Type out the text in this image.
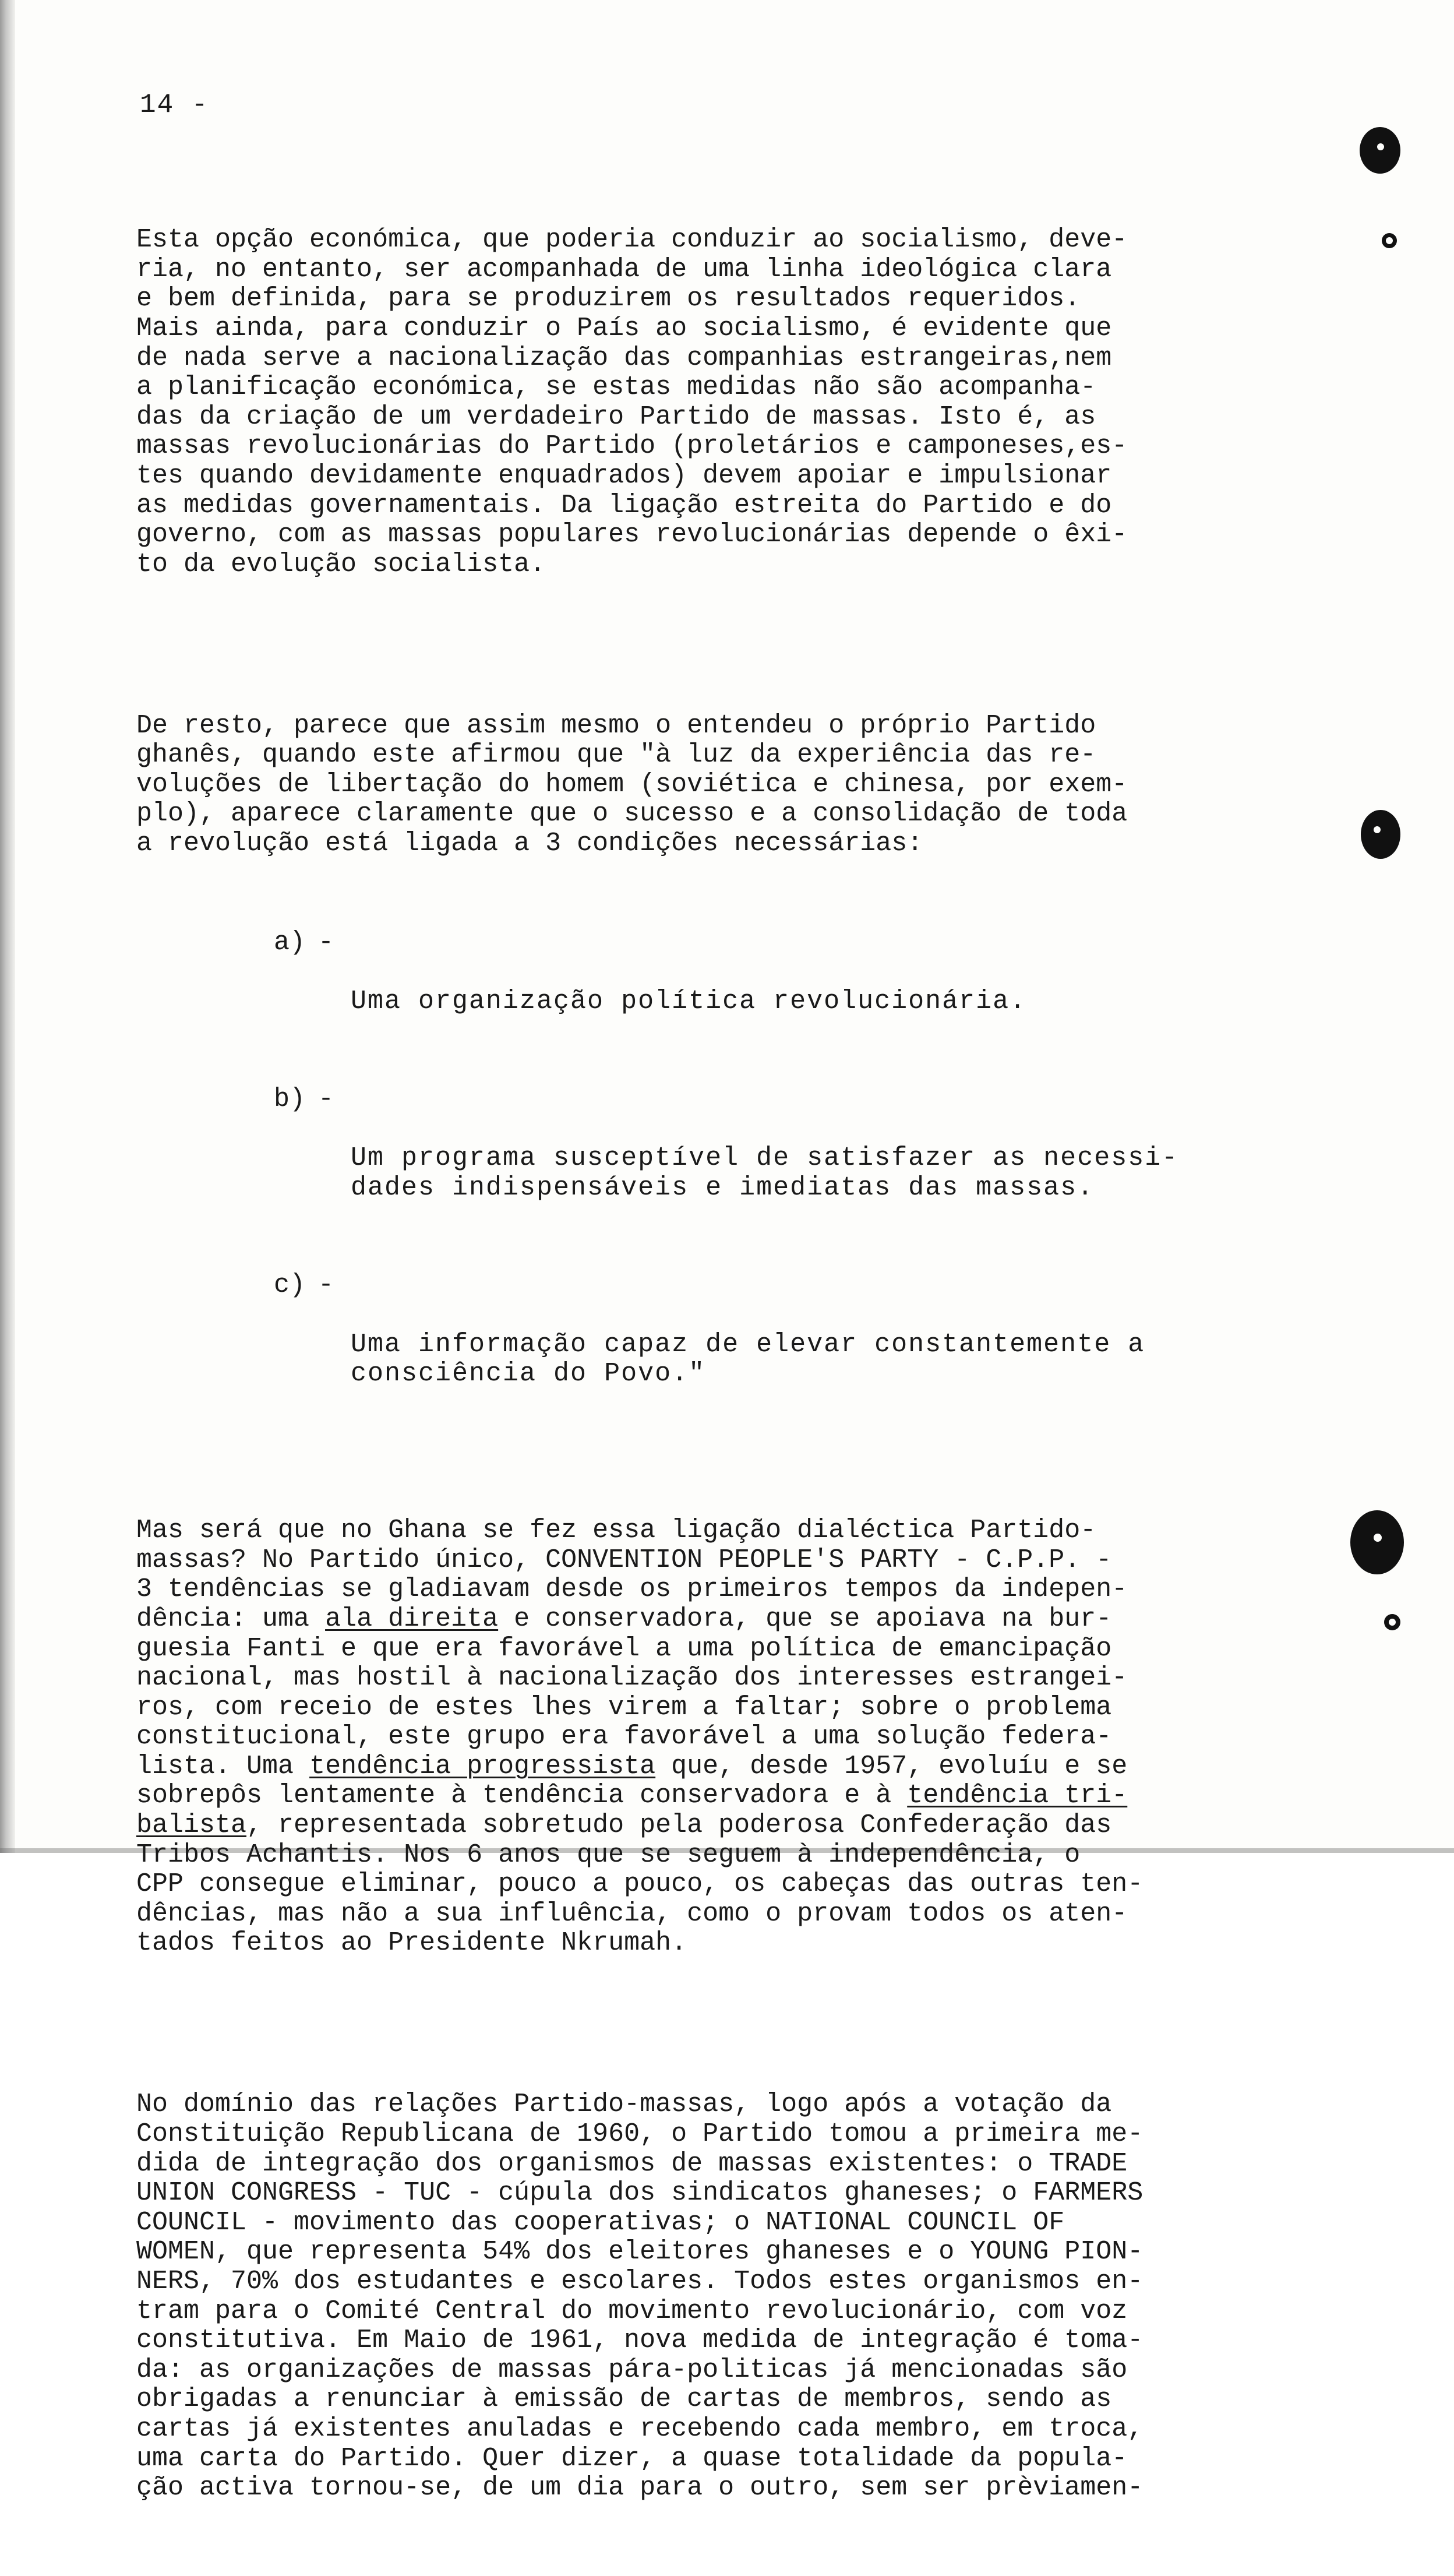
14 -

Esta opção económica, que poderia conduzir ao socialismo, deve-
ria, no entanto, ser acompanhada de uma linha ideológica clara
e bem definida, para se produzirem os resultados requeridos.
Mais ainda, para conduzir o País ao socialismo, é evidente que
de nada serve a nacionalização das companhias estrangeiras,nem
a planificação económica, se estas medidas não são acompanha-
das da criação de um verdadeiro Partido de massas. Isto é, as
massas revolucionárias do Partido (proletários e camponeses,es-
tes quando devidamente enquadrados) devem apoiar e impulsionar
as medidas governamentais. Da ligação estreita do Partido e do
governo, com as massas populares revolucionárias depende o êxi-
to da evolução socialista.

De resto, parece que assim mesmo o entendeu o próprio Partido
ghanês, quando este afirmou que "à luz da experiência das re-
voluções de libertação do homem (soviética e chinesa, por exem-
plo), aparece claramente que o sucesso e a consolidação de toda
a revolução está ligada a 3 condições necessárias:

a) -

Uma organização política revolucionária.

b) -

Um programa susceptível de satisfazer as necessi-
dades indispensáveis e imediatas das massas.

c) -

Uma informação capaz de elevar constantemente a
consciência do Povo."

Mas será que no Ghana se fez essa ligação dialéctica Partido-
massas? No Partido único, CONVENTION PEOPLE'S PARTY - C.P.P. -
3 tendências se gladiavam desde os primeiros tempos da indepen-
dência: uma ala direita e conservadora, que se apoiava na bur-
guesia Fanti e que era favorável a uma política de emancipação
nacional, mas hostil à nacionalização dos interesses estrangei-
ros, com receio de estes lhes virem a faltar; sobre o problema
constitucional, este grupo era favorável a uma solução federa-
lista. Uma tendência progressista que, desde 1957, evoluíu e se
sobrepôs lentamente à tendência conservadora e à tendência tri-
balista, representada sobretudo pela poderosa Confederação das
Tribos Achantis. Nos 6 anos que se seguem à independência, o
CPP consegue eliminar, pouco a pouco, os cabeças das outras ten-
dências, mas não a sua influência, como o provam todos os aten-
tados feitos ao Presidente Nkrumah.

No domínio das relações Partido-massas, logo após a votação da
Constituição Republicana de 1960, o Partido tomou a primeira me-
dida de integração dos organismos de massas existentes: o TRADE
UNION CONGRESS - TUC - cúpula dos sindicatos ghaneses; o FARMERS
COUNCIL - movimento das cooperativas; o NATIONAL COUNCIL OF
WOMEN, que representa 54% dos eleitores ghaneses e o YOUNG PION-
NERS, 70% dos estudantes e escolares. Todos estes organismos en-
tram para o Comité Central do movimento revolucionário, com voz
constitutiva. Em Maio de 1961, nova medida de integração é toma-
da: as organizações de massas pára-politicas já mencionadas são
obrigadas a renunciar à emissão de cartas de membros, sendo as
cartas já existentes anuladas e recebendo cada membro, em troca,
uma carta do Partido. Quer dizer, a quase totalidade da popula-
ção activa tornou-se, de um dia para o outro, sem ser prèviamen-
